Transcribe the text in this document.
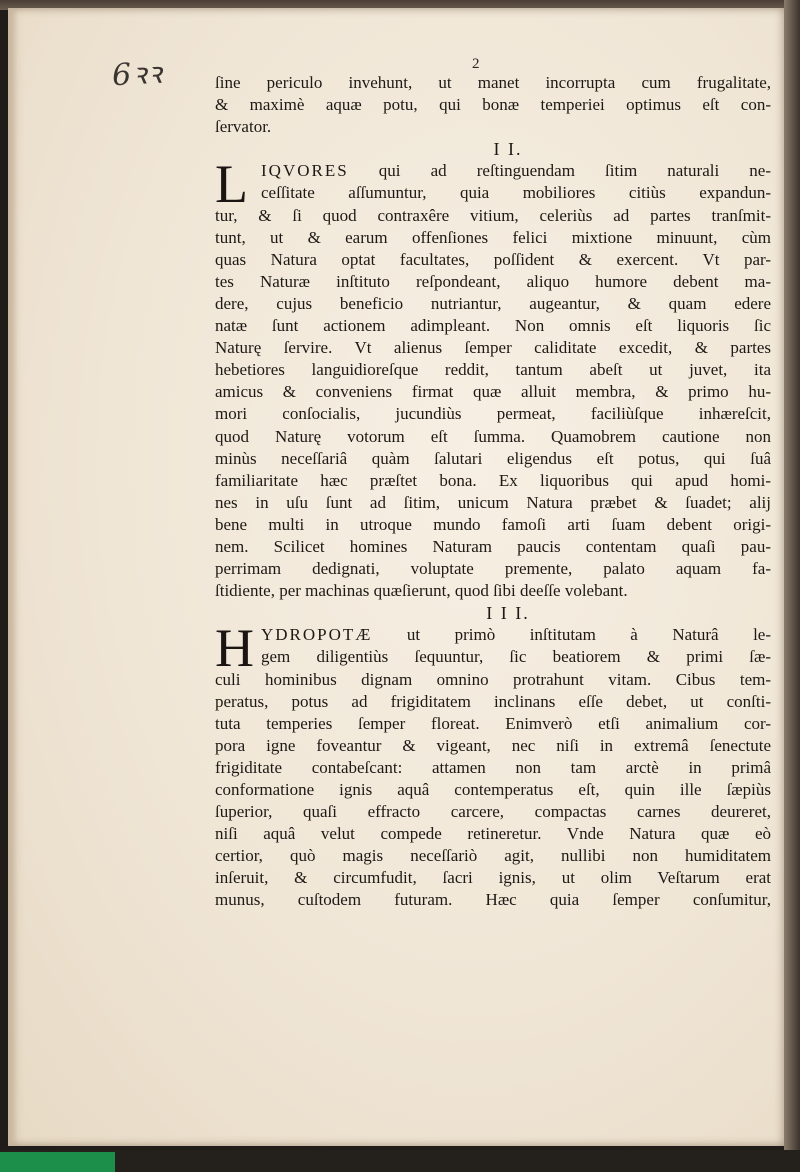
6ꝛꝛ	2
ſine periculo invehunt, ut manet incorrupta cum frugalitate,
& maximè aquæ potu, qui bonæ temperiei optimus eſt con-
ſervator.
I I.
L IQVORES qui ad reſtinguendam ſitim naturali ne-
ceſſitate aſſumuntur, quia mobiliores citiùs expandun-
tur, & ſi quod contraxêre vitium, celeriùs ad partes tranſmit-
tunt, ut & earum offenſiones felici mixtione minuunt, cùm
quas Natura optat facultates, poſſident & exercent. Vt par-
tes Naturæ inſtituto reſpondeant, aliquo humore debent ma-
dere, cujus beneficio nutriantur, augeantur, & quam edere
natæ ſunt actionem adimpleant. Non omnis eſt liquoris ſic
Naturę ſervire. Vt alienus ſemper caliditate excedit, & partes
hebetiores languidioreſque reddit, tantum abeſt ut juvet, ita
amicus & conveniens firmat quæ alluit membra, & primo hu-
mori conſocialis, jucundiùs permeat, faciliùſque inhæreſcit,
quod Naturę votorum eſt ſumma. Quamobrem cautione non
minùs neceſſariâ quàm ſalutari eligendus eſt potus, qui ſuâ
familiaritate hæc præſtet bona. Ex liquoribus qui apud homi-
nes in uſu ſunt ad ſitim, unicum Natura præbet & ſuadet; alij
bene multi in utroque mundo famoſi arti ſuam debent origi-
nem. Scilicet homines Naturam paucis contentam quaſi pau-
perrimam dedignati, voluptate premente, palato aquam fa-
ſtidiente, per machinas quæſierunt, quod ſibi deeſſe volebant.
I I I.
H YDROPOTÆ ut primò inſtitutam à Naturâ le-
gem diligentiùs ſequuntur, ſic beatiorem & primi ſæ-
culi hominibus dignam omnino protrahunt vitam. Cibus tem-
peratus, potus ad frigiditatem inclinans eſſe debet, ut conſti-
tuta temperies ſemper floreat. Enimverò etſi animalium cor-
pora igne foveantur & vigeant, nec niſi in extremâ ſenectute
frigiditate contabeſcant: attamen non tam arctè in primâ
conformatione ignis aquâ contemperatus eſt, quin ille ſæpiùs
ſuperior, quaſi effracto carcere, compactas carnes deureret,
niſi aquâ velut compede retineretur. Vnde Natura quæ eò
certior, quò magis neceſſariò agit, nullibi non humiditatem
inſeruit, & circumfudit, ſacri ignis, ut olim Veſtarum erat
munus, cuſtodem futuram. Hæc quia ſemper conſumitur,
